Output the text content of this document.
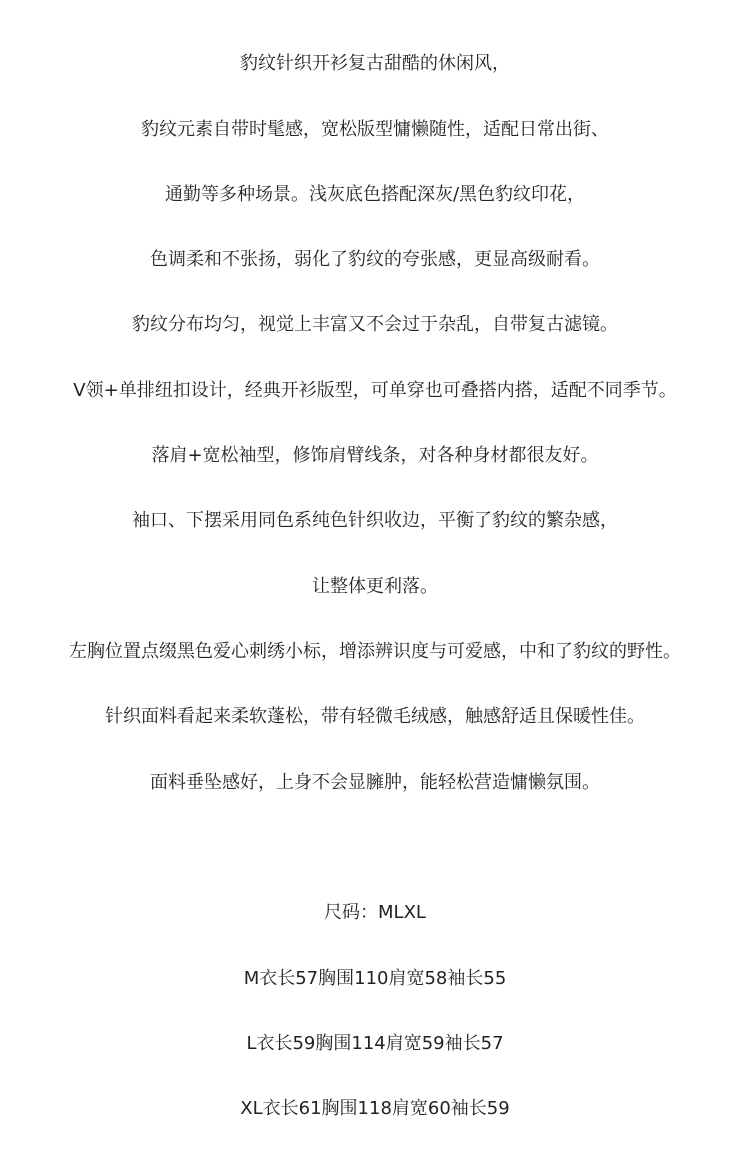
豹纹针织开衫复古甜酷的休闲风，
豹纹元素自带时髦感，宽松版型慵懒随性，适配日常出街、
通勤等多种场景。浅灰底色搭配深灰/黑色豹纹印花，
色调柔和不张扬，弱化了豹纹的夸张感，更显高级耐看。
豹纹分布均匀，视觉上丰富又不会过于杂乱，自带复古滤镜。
V领+单排纽扣设计，经典开衫版型，可单穿也可叠搭内搭，适配不同季节。
落肩+宽松袖型，修饰肩臂线条，对各种身材都很友好。
袖口、下摆采用同色系纯色针织收边，平衡了豹纹的繁杂感，
让整体更利落。
左胸位置点缀黑色爱心刺绣小标，增添辨识度与可爱感，中和了豹纹的野性。
针织面料看起来柔软蓬松，带有轻微毛绒感，触感舒适且保暖性佳。
面料垂坠感好，上身不会显臃肿，能轻松营造慵懒氛围。
尺码：MLXL
M衣长57胸围110肩宽58袖长55
L衣长59胸围114肩宽59袖长57
XL衣长61胸围118肩宽60袖长59
